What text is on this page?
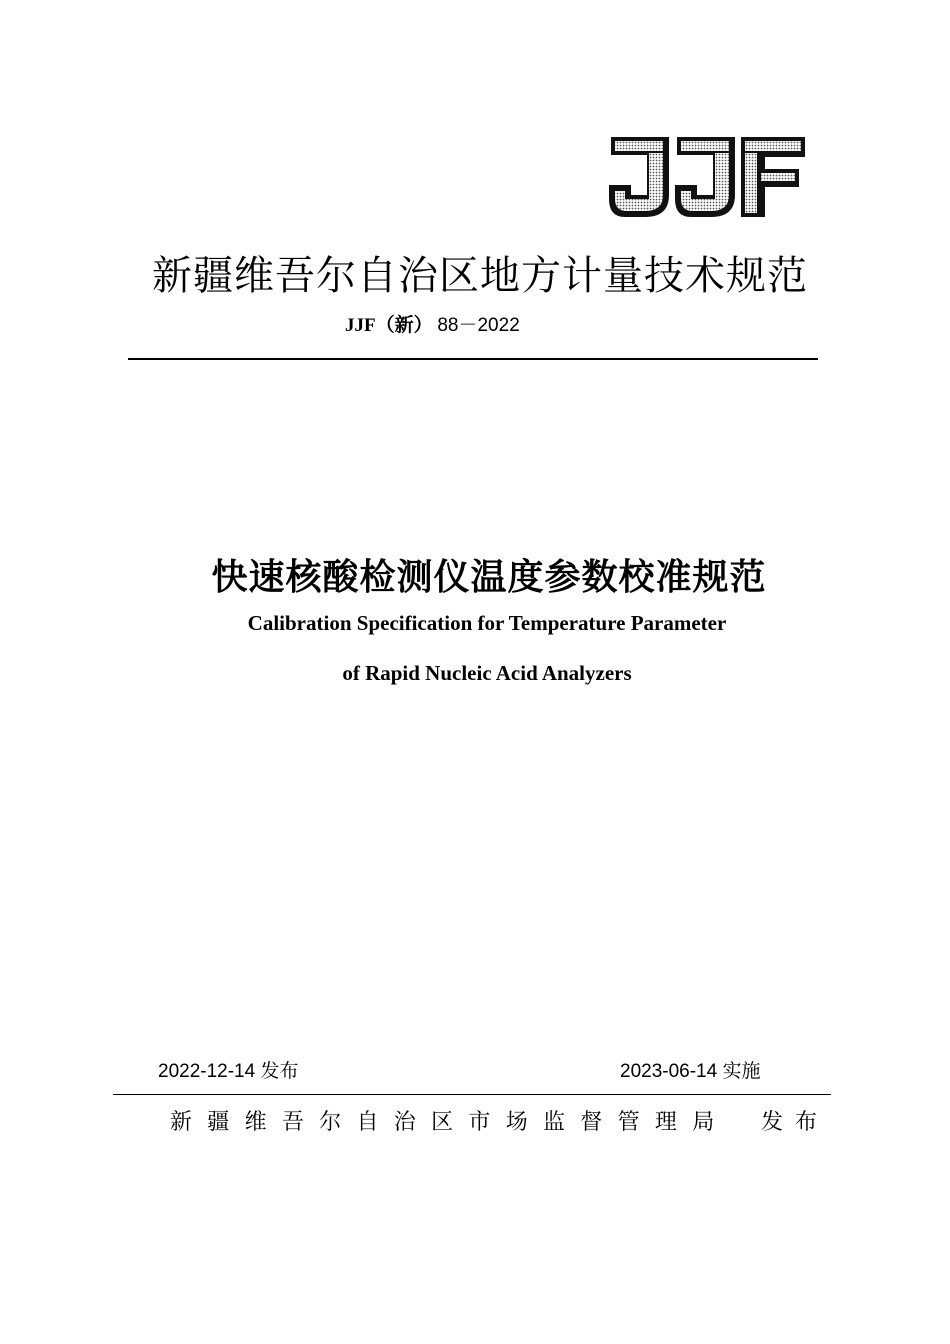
新疆维吾尔自治区地方计量技术规范
JJF（新） 88－2022
快速核酸检测仪温度参数校准规范
Calibration Specification for Temperature Parameter
of Rapid Nucleic Acid Analyzers
2022-12-14 发布	2023-06-14 实施
新疆维吾尔自治区市场监督管理局 发布
